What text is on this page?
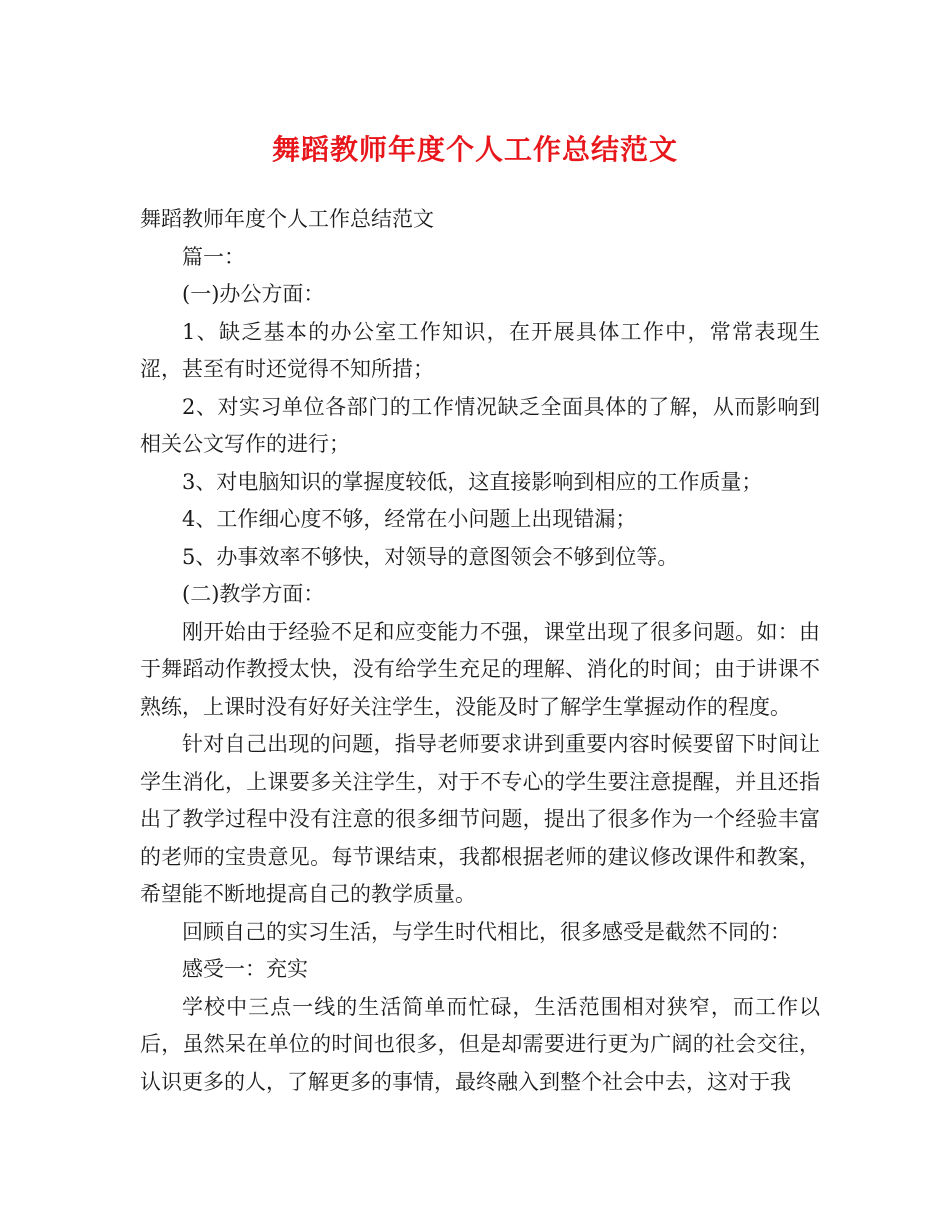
舞蹈教师年度个人工作总结范文

舞蹈教师年度个人工作总结范文

篇一：

(一)办公方面：

1、缺乏基本的办公室工作知识，在开展具体工作中，常常表现生涩，甚至有时还觉得不知所措；

2、对实习单位各部门的工作情况缺乏全面具体的了解，从而影响到相关公文写作的进行；

3、对电脑知识的掌握度较低，这直接影响到相应的工作质量；

4、工作细心度不够，经常在小问题上出现错漏；

5、办事效率不够快，对领导的意图领会不够到位等。

(二)教学方面：

刚开始由于经验不足和应变能力不强，课堂出现了很多问题。如：由于舞蹈动作教授太快，没有给学生充足的理解、消化的时间；由于讲课不熟练，上课时没有好好关注学生，没能及时了解学生掌握动作的程度。

针对自己出现的问题，指导老师要求讲到重要内容时候要留下时间让学生消化，上课要多关注学生，对于不专心的学生要注意提醒，并且还指出了教学过程中没有注意的很多细节问题，提出了很多作为一个经验丰富的老师的宝贵意见。每节课结束，我都根据老师的建议修改课件和教案，希望能不断地提高自己的教学质量。

回顾自己的实习生活，与学生时代相比，很多感受是截然不同的：

感受一：充实

学校中三点一线的生活简单而忙碌，生活范围相对狭窄，而工作以后，虽然呆在单位的时间也很多，但是却需要进行更为广阔的社会交往，认识更多的人，了解更多的事情，最终融入到整个社会中去，这对于我
